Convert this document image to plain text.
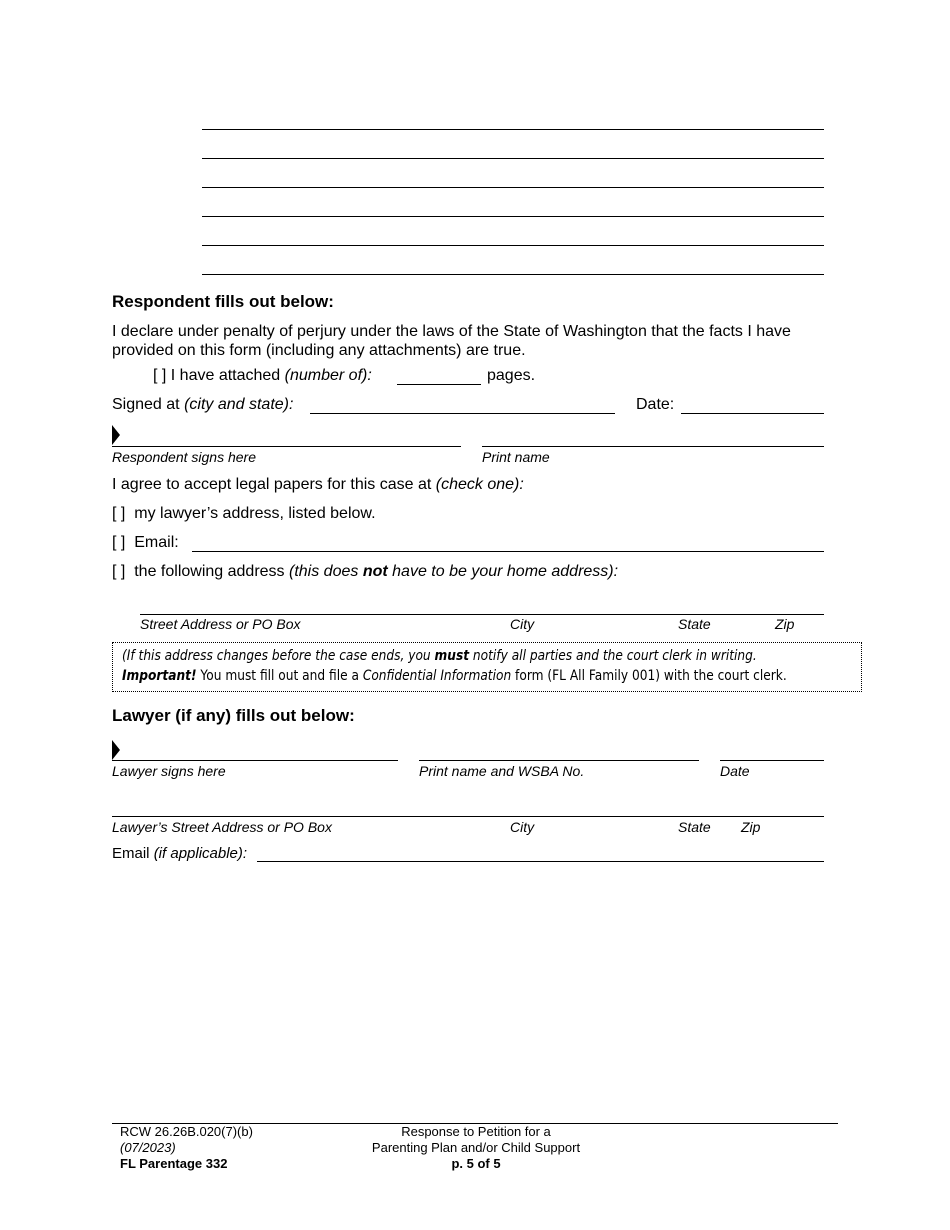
Respondent fills out below:
I declare under penalty of perjury under the laws of the State of Washington that the facts I have
provided on this form (including any attachments) are true.
[ ] I have attached (number of):	pages.
Signed at (city and state):	Date:
Respondent signs here	Print name
I agree to accept legal papers for this case at (check one):
[ ] my lawyer’s address, listed below.
[ ] Email:
[ ] the following address (this does not have to be your home address):
Street Address or PO Box	City	State	Zip
(If this address changes before the case ends, you must notify all parties and the court clerk in writing.
Important! You must fill out and file a Confidential Information form (FL All Family 001) with the court clerk.
Lawyer (if any) fills out below:
Lawyer signs here	Print name and WSBA No.	Date
Lawyer’s Street Address or PO Box	City	State Zip
Email (if applicable):
RCW 26.26B.020(7)(b)
(07/2023)
FL Parentage 332
Response to Petition for a
Parenting Plan and/or Child Support
p. 5 of 5
